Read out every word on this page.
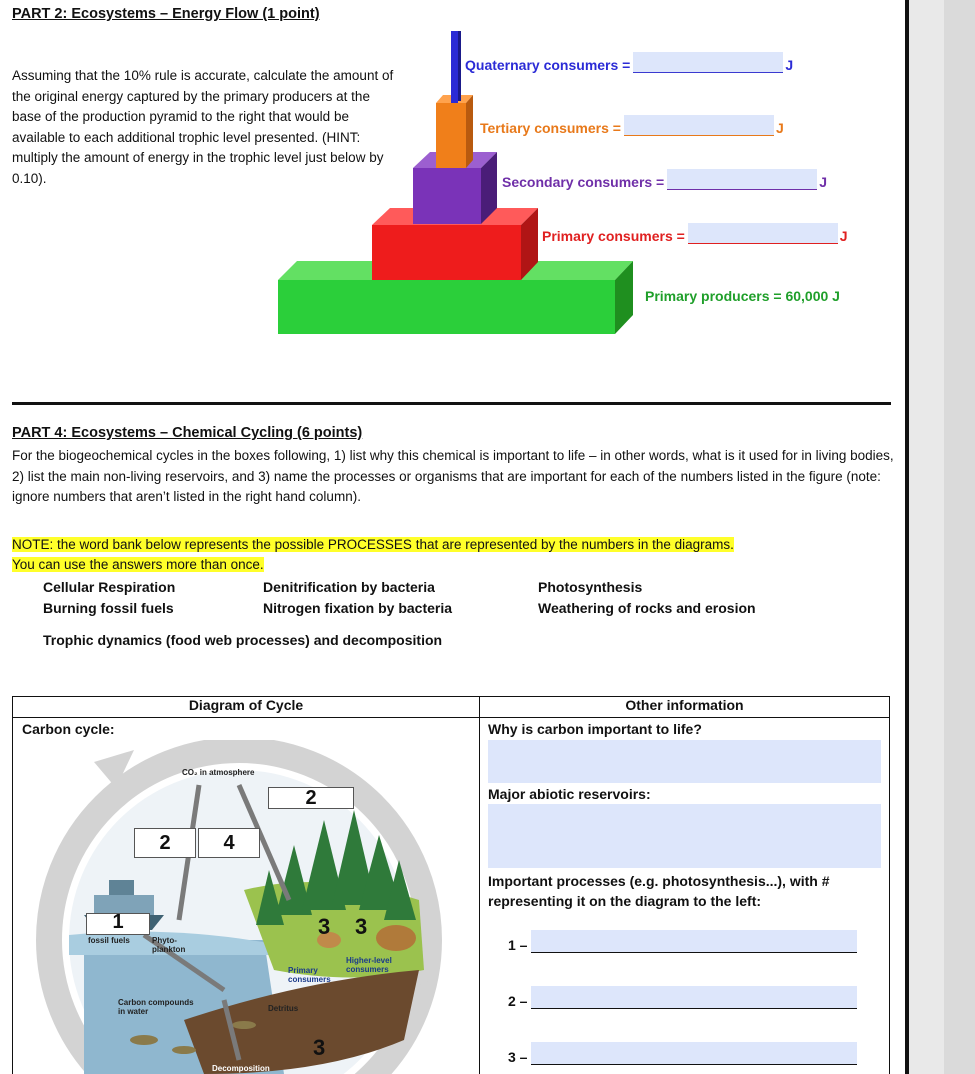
PART 2: Ecosystems – Energy Flow (1 point)
Assuming that the 10% rule is accurate, calculate the amount of the original energy captured by the primary producers at the base of the production pyramid to the right that would be available to each additional trophic level presented. (HINT: multiply the amount of energy in the trophic level just below by 0.10).
Quaternary consumers =	J
Tertiary consumers =	J
Secondary consumers =	J
Primary consumers =	J
Primary producers = 60,000 J
PART 4: Ecosystems – Chemical Cycling (6 points)
For the biogeochemical cycles in the boxes following, 1) list why this chemical is important to life – in other words, what is it used for in living bodies, 2) list the main non-living reservoirs, and 3) name the processes or organisms that are important for each of the numbers listed in the figure (note: ignore numbers that aren’t listed in the right hand column).
NOTE: the word bank below represents the possible PROCESSES that are represented by the numbers in the diagrams.
You can use the answers more than once.
Cellular Respiration	Denitrification by bacteria	Photosynthesis
Burning fossil fuels	Nitrogen fixation by bacteria	Weathering of rocks and erosion
Trophic dynamics (food web processes) and decomposition
Diagram of Cycle	Other information

Carbon cycle:	Why is carbon important to life?
Major abiotic reservoirs:
Important processes (e.g. photosynthesis...), with #
representing it on the diagram to the left:
1 –
2 –
3 –
CO₂ in atmosphere
fossil fuels	Phyto-
plankton
Primary
consumers
Higher-level
consumers
Carbon compounds
in water	Detritus
Decomposition
2
2	4
1	3 3
3
